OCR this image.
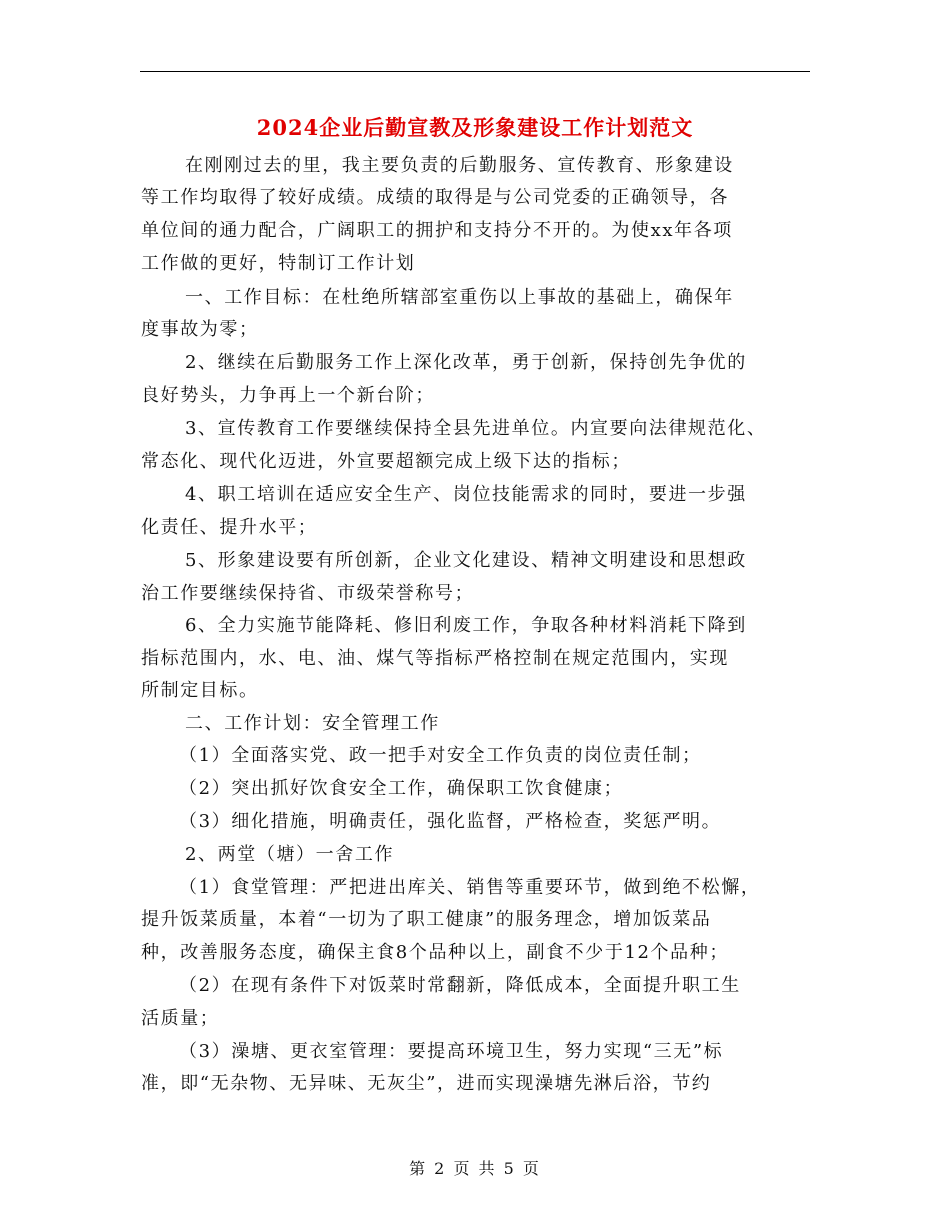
2024企业后勤宣教及形象建设工作计划范文
在刚刚过去的里，我主要负责的后勤服务、宣传教育、形象建设
等工作均取得了较好成绩。成绩的取得是与公司党委的正确领导，各
单位间的通力配合，广阔职工的拥护和支持分不开的。为使xx年各项
工作做的更好，特制订工作计划
一、工作目标：在杜绝所辖部室重伤以上事故的基础上，确保年
度事故为零；
2、继续在后勤服务工作上深化改革，勇于创新，保持创先争优的
良好势头，力争再上一个新台阶；
3、宣传教育工作要继续保持全县先进单位。内宣要向法律规范化、
常态化、现代化迈进，外宣要超额完成上级下达的指标；
4、职工培训在适应安全生产、岗位技能需求的同时，要进一步强
化责任、提升水平；
5、形象建设要有所创新，企业文化建设、精神文明建设和思想政
治工作要继续保持省、市级荣誉称号；
6、全力实施节能降耗、修旧利废工作，争取各种材料消耗下降到
指标范围内，水、电、油、煤气等指标严格控制在规定范围内，实现
所制定目标。
二、工作计划：安全管理工作
（1）全面落实党、政一把手对安全工作负责的岗位责任制；
（2）突出抓好饮食安全工作，确保职工饮食健康；
（3）细化措施，明确责任，强化监督，严格检查，奖惩严明。
2、两堂（塘）一舍工作
（1）食堂管理：严把进出库关、销售等重要环节，做到绝不松懈，
提升饭菜质量，本着“一切为了职工健康”的服务理念，增加饭菜品
种，改善服务态度，确保主食8个品种以上，副食不少于12个品种；
（2）在现有条件下对饭菜时常翻新，降低成本，全面提升职工生
活质量；
（3）澡塘、更衣室管理：要提高环境卫生，努力实现“三无”标
准，即“无杂物、无异味、无灰尘”，进而实现澡塘先淋后浴，节约
第 2 页 共 5 页
